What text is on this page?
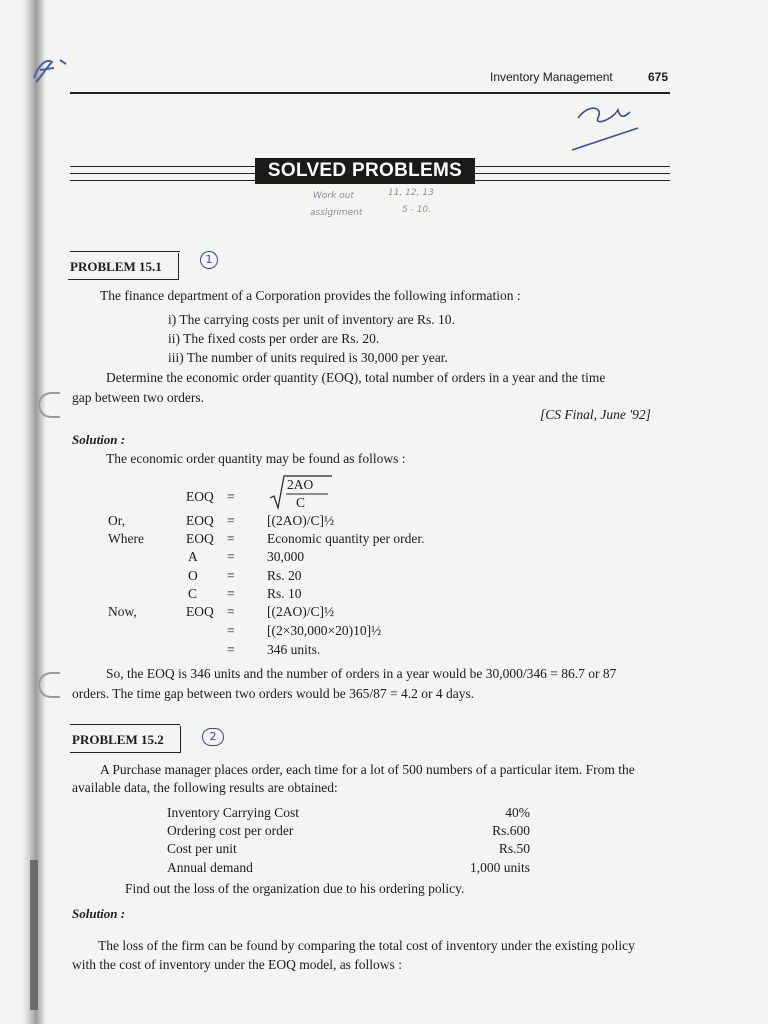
Inventory Management	675
SOLVED PROBLEMS
Work out	11, 12, 13
assignment	5 - 10.
PROBLEM 15.1	1
The finance department of a Corporation provides the following information :
i) The carrying costs per unit of inventory are Rs. 10.
ii) The fixed costs per order are Rs. 20.
iii) The number of units required is 30,000 per year.
Determine the economic order quantity (EOQ), total number of orders in a year and the time
gap between two orders.
[CS Final, June '92]
Solution :
The economic order quantity may be found as follows :
EOQ =
2AO
C
Or,	EOQ = [(2AO)/C]½
Where	EOQ = Economic quantity per order.
A = 30,000
O = Rs. 20
C = Rs. 10
Now,	EOQ = [(2AO)/C]½
= [(2×30,000×20)10]½
= 346 units.
So, the EOQ is 346 units and the number of orders in a year would be 30,000/346 = 86.7 or 87
orders. The time gap between two orders would be 365/87 = 4.2 or 4 days.
PROBLEM 15.2	2
A Purchase manager places order, each time for a lot of 500 numbers of a particular item. From the
available data, the following results are obtained:
Inventory Carrying Cost	40%
Ordering cost per order	Rs.600
Cost per unit	Rs.50
Annual demand	1,000 units
Find out the loss of the organization due to his ordering policy.
Solution :
The loss of the firm can be found by comparing the total cost of inventory under the existing policy
with the cost of inventory under the EOQ model, as follows :
